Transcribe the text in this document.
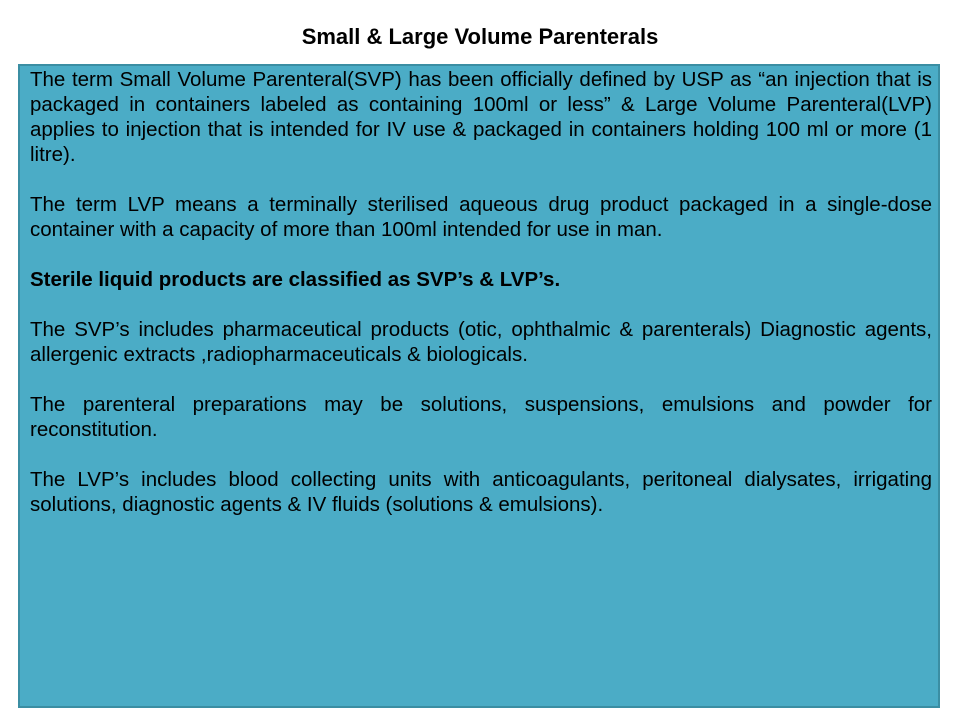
Small & Large Volume Parenterals

The term Small Volume Parenteral(SVP) has been officially defined by USP as “an injection that is packaged in containers labeled as containing 100ml or less” & Large Volume Parenteral(LVP) applies to injection that is intended for IV use & packaged in containers holding 100 ml or more (1 litre).

The term LVP means a terminally sterilised aqueous drug product packaged in a single-dose container with a capacity of more than 100ml intended for use in man.

Sterile liquid products are classified as SVP’s & LVP’s.

The SVP’s includes pharmaceutical products (otic, ophthalmic & parenterals) Diagnostic agents, allergenic extracts ,radiopharmaceuticals & biologicals.

The parenteral preparations may be solutions, suspensions, emulsions and powder for reconstitution.

The LVP’s includes blood collecting units with anticoagulants, peritoneal dialysates, irrigating solutions, diagnostic agents & IV fluids (solutions & emulsions).
